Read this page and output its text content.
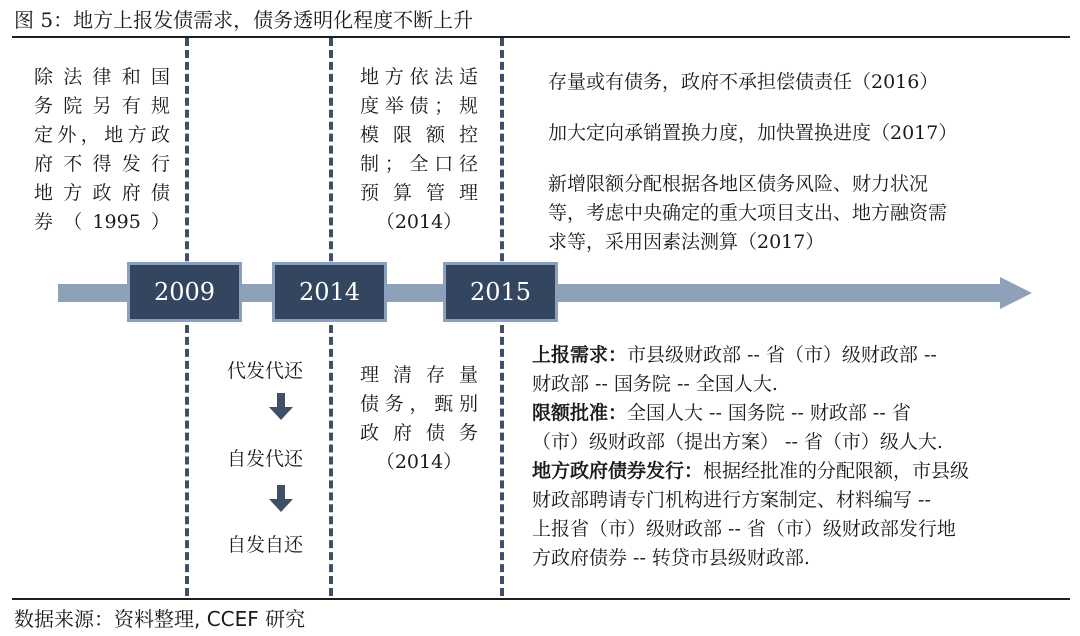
图 5：地方上报发债需求，债务透明化程度不断上升
2009	2014	2015
除法律和国
务院另有规
定外，地方政
府不得发行
地方政府债
券（1995）
地方依法适
度举债；规
模限额控
制；全口径
预算管理
（2014）
存量或有债务，政府不承担偿债责任（2016）
加大定向承销置换力度，加快置换进度（2017）
新增限额分配根据各地区债务风险、财力状况
等，考虑中央确定的重大项目支出、地方融资需
求等，采用因素法测算（2017）
代发代还
自发代还
自发自还
理清存量
债务，甄别
政府债务
（2014）
上报需求：市县级财政部 -- 省（市）级财政部 --
财政部 -- 国务院 -- 全国人大.
限额批准：全国人大 -- 国务院 -- 财政部 -- 省
（市）级财政部（提出方案） -- 省（市）级人大.
地方政府债券发行：根据经批准的分配限额，市县级
财政部聘请专门机构进行方案制定、材料编写 --
上报省（市）级财政部 -- 省（市）级财政部发行地
方政府债券 -- 转贷市县级财政部.
数据来源：资料整理, CCEF 研究
